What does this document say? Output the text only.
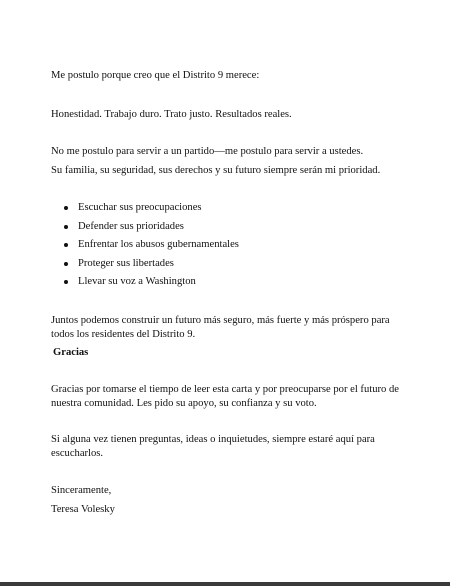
Me postulo porque creo que el Distrito 9 merece:
Honestidad. Trabajo duro. Trato justo. Resultados reales.
No me postulo para servir a un partido—me postulo para servir a ustedes.
Su familia, su seguridad, sus derechos y su futuro siempre serán mi prioridad.
Escuchar sus preocupaciones
Defender sus prioridades
Enfrentar los abusos gubernamentales
Proteger sus libertades
Llevar su voz a Washington
Juntos podemos construir un futuro más seguro, más fuerte y más próspero para
todos los residentes del Distrito 9.
Gracias
Gracias por tomarse el tiempo de leer esta carta y por preocuparse por el futuro de
nuestra comunidad. Les pido su apoyo, su confianza y su voto.
Si alguna vez tienen preguntas, ideas o inquietudes, siempre estaré aquí para
escucharlos.
Sinceramente,
Teresa Volesky
